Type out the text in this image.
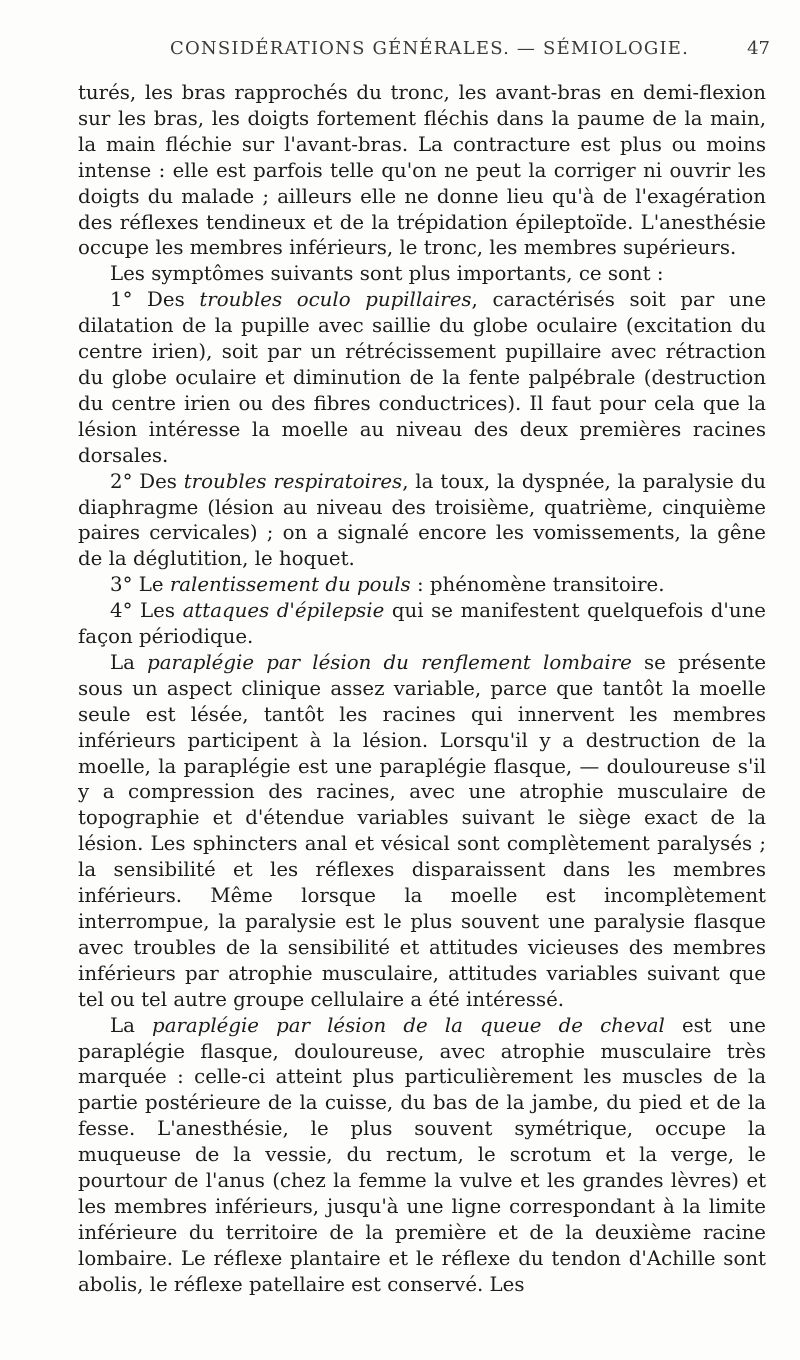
CONSIDÉRATIONS GÉNÉRALES. — SÉMIOLOGIE.	47

turés, les bras rapprochés du tronc, les avant-bras en demi-flexion sur les bras, les doigts fortement fléchis dans la paume de la main, la main fléchie sur l'avant-bras. La contracture est plus ou moins intense : elle est parfois telle qu'on ne peut la corriger ni ouvrir les doigts du malade ; ailleurs elle ne donne lieu qu'à de l'exagération des réflexes tendineux et de la trépidation épileptoïde. L'anesthésie occupe les membres inférieurs, le tronc, les membres supérieurs.

Les symptômes suivants sont plus importants, ce sont :

1° Des troubles oculo pupillaires, caractérisés soit par une dilatation de la pupille avec saillie du globe oculaire (excitation du centre irien), soit par un rétrécissement pupillaire avec rétraction du globe oculaire et diminution de la fente palpébrale (destruction du centre irien ou des fibres conductrices). Il faut pour cela que la lésion intéresse la moelle au niveau des deux premières racines dorsales.

2° Des troubles respiratoires, la toux, la dyspnée, la paralysie du diaphragme (lésion au niveau des troisième, quatrième, cinquième paires cervicales) ; on a signalé encore les vomissements, la gêne de la déglutition, le hoquet.

3° Le ralentissement du pouls : phénomène transitoire.

4° Les attaques d'épilepsie qui se manifestent quelquefois d'une façon périodique.

La paraplégie par lésion du renflement lombaire se présente sous un aspect clinique assez variable, parce que tantôt la moelle seule est lésée, tantôt les racines qui innervent les membres inférieurs participent à la lésion. Lorsqu'il y a destruction de la moelle, la paraplégie est une paraplégie flasque, — douloureuse s'il y a compression des racines, avec une atrophie musculaire de topographie et d'étendue variables suivant le siège exact de la lésion. Les sphincters anal et vésical sont complètement paralysés ; la sensibilité et les réflexes disparaissent dans les membres inférieurs. Même lorsque la moelle est incomplètement interrompue, la paralysie est le plus souvent une paralysie flasque avec troubles de la sensibilité et attitudes vicieuses des membres inférieurs par atrophie musculaire, attitudes variables suivant que tel ou tel autre groupe cellulaire a été intéressé.

La paraplégie par lésion de la queue de cheval est une paraplégie flasque, douloureuse, avec atrophie musculaire très marquée : celle-ci atteint plus particulièrement les muscles de la partie postérieure de la cuisse, du bas de la jambe, du pied et de la fesse. L'anesthésie, le plus souvent symétrique, occupe la muqueuse de la vessie, du rectum, le scrotum et la verge, le pourtour de l'anus (chez la femme la vulve et les grandes lèvres) et les membres inférieurs, jusqu'à une ligne correspondant à la limite inférieure du territoire de la première et de la deuxième racine lombaire. Le réflexe plantaire et le réflexe du tendon d'Achille sont abolis, le réflexe patellaire est conservé. Les
